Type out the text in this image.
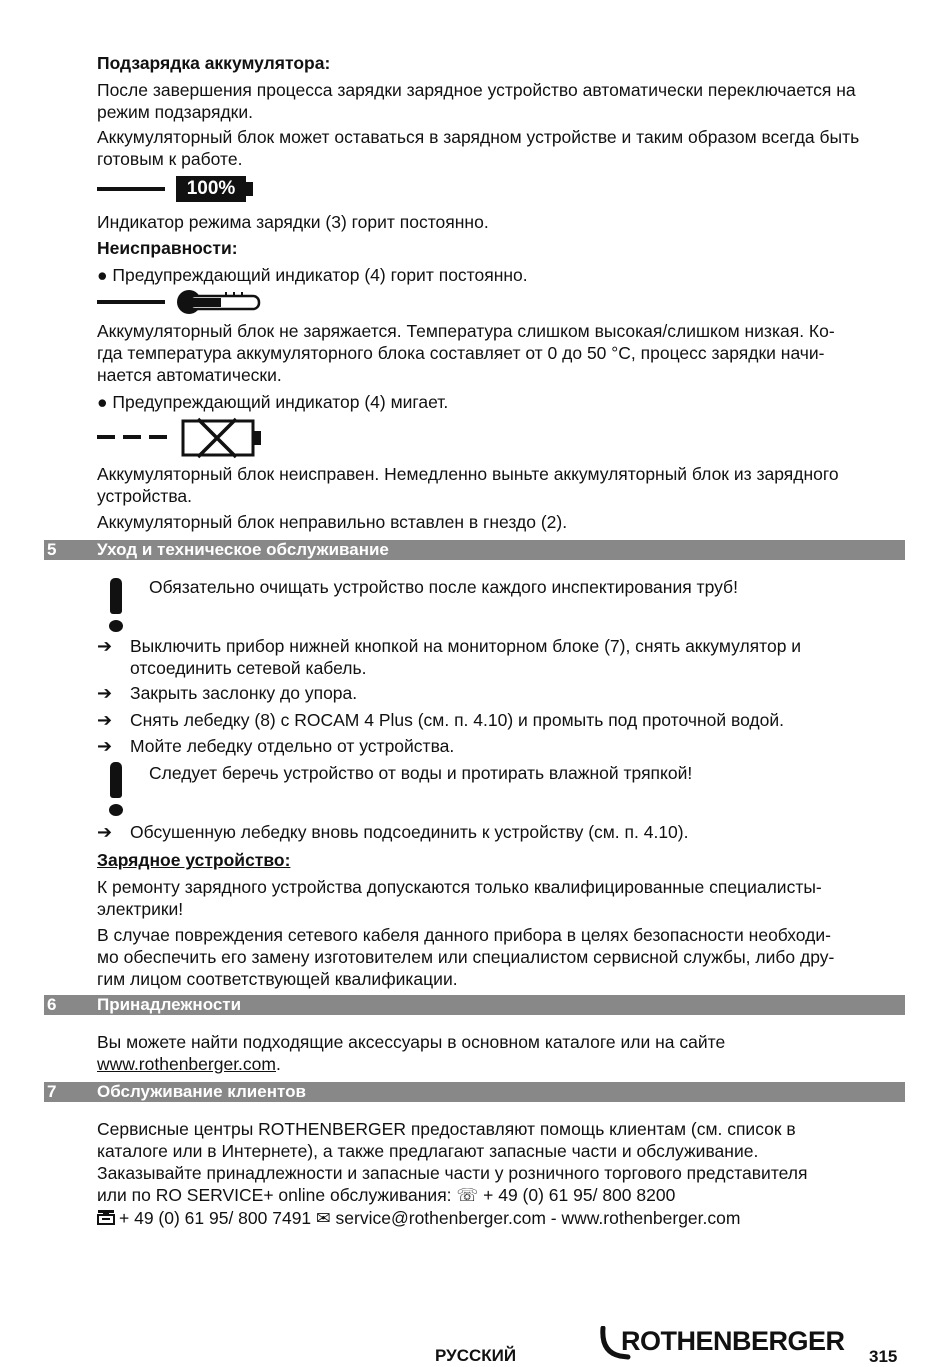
Подзарядка аккумулятора:
После завершения процесса зарядки зарядное устройство автоматически переключается на режим подзарядки.
Аккумуляторный блок может оставаться в зарядном устройстве и таким образом всегда быть готовым к работе.
100%
Индикатор режима зарядки (3) горит постоянно.
Неисправности:
● Предупреждающий индикатор (4) горит постоянно.
Аккумуляторный блок не заряжается. Температура слишком высокая/слишком низкая. Ко-
гда температура аккумуляторного блока составляет от 0 до 50 °C, процесс зарядки начи-
нается автоматически.
● Предупреждающий индикатор (4) мигает.
Аккумуляторный блок неисправен. Немедленно выньте аккумуляторный блок из зарядного устройства.
Аккумуляторный блок неправильно вставлен в гнездо (2).
5 Уход и техническое обслуживание
Обязательно очищать устройство после каждого инспектирования труб!
➔ Выключить прибор нижней кнопкой на мониторном блоке (7), снять аккумулятор и отсоединить сетевой кабель.
➔ Закрыть заслонку до упора.
➔ Снять лебедку (8) с ROCAM 4 Plus (см. п. 4.10) и промыть под проточной водой.
➔ Мойте лебедку отдельно от устройства.
Следует беречь устройство от воды и протирать влажной тряпкой!
➔ Обсушенную лебедку вновь подсоединить к устройству (см. п. 4.10).
Зарядное устройство:
К ремонту зарядного устройства допускаются только квалифицированные специалисты-электрики!
В случае повреждения сетевого кабеля данного прибора в целях безопасности необходи-
мо обеспечить его замену изготовителем или специалистом сервисной службы, либо дру-
гим лицом соответствующей квалификации.
6 Принадлежности
Вы можете найти подходящие аксессуары в основном каталоге или на сайте
www.rothenberger.com.
7 Обслуживание клиентов
Сервисные центры ROTHENBERGER предоставляют помощь клиентам (см. список в
каталоге или в Интернете), а также предлагают запасные части и обслуживание.
Заказывайте принадлежности и запасные части у розничного торгового представителя
или по RO SERVICE+ online обслуживания: ☏ + 49 (0) 61 95/ 800 8200
+ 49 (0) 61 95/ 800 7491 ✉ service@rothenberger.com - www.rothenberger.com
РУССКИЙ	ROTHENBERGER
315
